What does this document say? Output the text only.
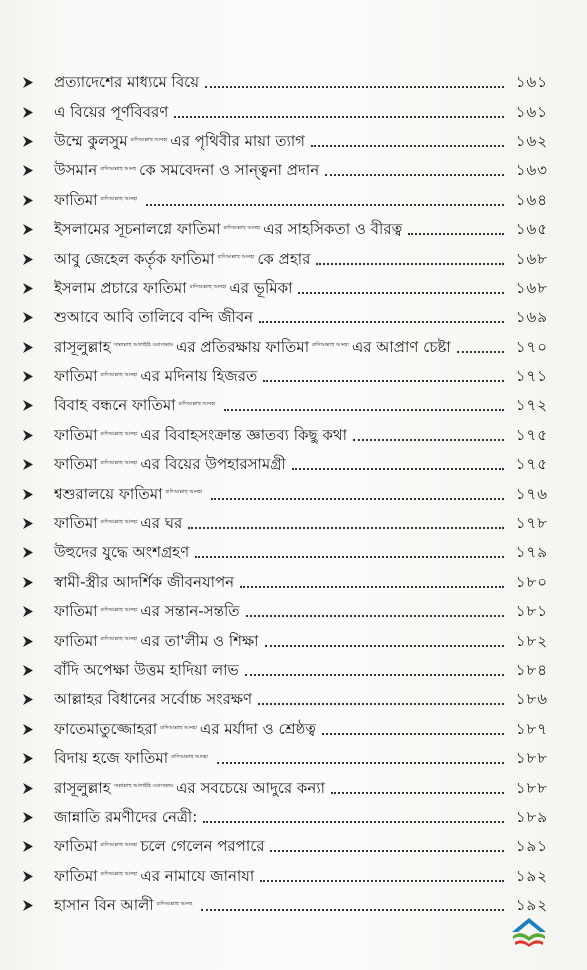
প্রত্যাদেশের মাধ্যমে বিয়ে	১৬১
এ বিয়ের পূর্ণবিবরণ	১৬১
উম্মে কুলসুম রাদিআল্লাহু আনহা এর পৃথিবীর মায়া ত্যাগ	১৬২
উসমান রাদিআল্লাহু আনহু কে সমবেদনা ও সান্ত্বনা প্রদান	১৬৩
ফাতিমা রাদিআল্লাহু আনহা	১৬৪
ইসলামের সূচনালগ্নে ফাতিমা রাদিআল্লাহু আনহা এর সাহসিকতা ও বীরত্ব	১৬৫
আবু জেহেল কর্তৃক ফাতিমা রাদিআল্লাহু আনহা কে প্রহার	১৬৮
ইসলাম প্রচারে ফাতিমা রাদিআল্লাহু আনহা এর ভূমিকা	১৬৮
শুআবে আবি তালিবে বন্দি জীবন	১৬৯
রাসূলুল্লাহ সাল্লাল্লাহু আলাইহি ওয়াসাল্লাম এর প্রতিরক্ষায় ফাতিমা রাদিআল্লাহু আনহা এর আপ্রাণ চেষ্টা	১৭০
ফাতিমা রাদিআল্লাহু আনহা এর মদিনায় হিজরত	১৭১
বিবাহ বন্ধনে ফাতিমা রাদিআল্লাহু আনহা	১৭২
ফাতিমা রাদিআল্লাহু আনহা এর বিবাহসংক্রান্ত জ্ঞাতব্য কিছু কথা	১৭৫
ফাতিমা রাদিআল্লাহু আনহা এর বিয়ের উপহারসামগ্রী	১৭৫
শ্বশুরালয়ে ফাতিমা রাদিআল্লাহু আনহা	১৭৬
ফাতিমা রাদিআল্লাহু আনহা এর ঘর	১৭৮
উহুদের যুদ্ধে অংশগ্রহণ	১৭৯
স্বামী-স্ত্রীর আদর্শিক জীবনযাপন	১৮০
ফাতিমা রাদিআল্লাহু আনহা এর সন্তান-সন্ততি	১৮১
ফাতিমা রাদিআল্লাহু আনহা এর তা'লীম ও শিক্ষা	১৮২
বাঁদি অপেক্ষা উত্তম হাদিয়া লাভ	১৮৪
আল্লাহর বিধানের সর্বোচ্চ সংরক্ষণ	১৮৬
ফাতেমাতুজ্জোহরা রাদিআল্লাহু আনহা এর মর্যাদা ও শ্রেষ্ঠত্ব	১৮৭
বিদায় হজে ফাতিমা রাদিআল্লাহু আনহা	১৮৮
রাসূলুল্লাহ সাল্লাল্লাহু আলাইহি ওয়াসাল্লাম এর সবচেয়ে আদুরে কন্যা	১৮৮
জান্নাতি রমণীদের নেত্রী:	১৮৯
ফাতিমা রাদিআল্লাহু আনহা চলে গেলেন পরপারে	১৯১
ফাতিমা রাদিআল্লাহু আনহা এর নামাযে জানাযা	১৯২
হাসান বিন আলী রাদিআল্লাহু আনহু	১৯২
